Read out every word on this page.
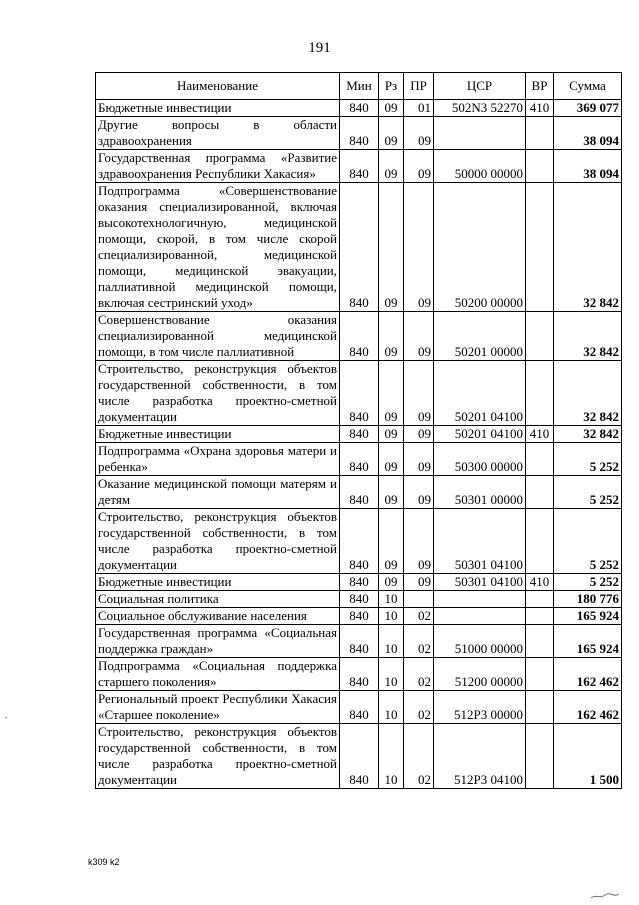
191
Наименование	Мин	Рз	ПР	ЦСР	ВР	Сумма
Бюджетные инвестиции	840	09	01	502N3 52270	410	369 077
Другие вопросы в области здравоохранения	840	09	09			38 094
Государственная программа «Развитие здравоохранения Республики Хакасия»	840	09	09	50000 00000		38 094
Подпрограмма «Совершенствование оказания специализированной, включая высокотехнологичную, медицинской помощи, скорой, в том числе скорой специализированной, медицинской помощи, медицинской эвакуации, паллиативной медицинской помощи, включая сестринский уход»	840	09	09	50200 00000		32 842
Совершенствование оказания специализированной медицинской помощи, в том числе паллиативной	840	09	09	50201 00000		32 842
Строительство, реконструкция объектов государственной собственности, в том числе разработка проектно-сметной документации	840	09	09	50201 04100		32 842
Бюджетные инвестиции	840	09	09	50201 04100	410	32 842
Подпрограмма «Охрана здоровья матери и ребенка»	840	09	09	50300 00000		5 252
Оказание медицинской помощи матерям и детям	840	09	09	50301 00000		5 252
Строительство, реконструкция объектов государственной собственности, в том числе разработка проектно-сметной документации	840	09	09	50301 04100		5 252
Бюджетные инвестиции	840	09	09	50301 04100	410	5 252
Социальная политика	840	10				180 776
Социальное обслуживание населения	840	10	02			165 924
Государственная программа «Социальная поддержка граждан»	840	10	02	51000 00000		165 924
Подпрограмма «Социальная поддержка старшего поколения»	840	10	02	51200 00000		162 462
Региональный проект Республики Хакасия «Старшее поколение»	840	10	02	512P3 00000		162 462
Строительство, реконструкция объектов государственной собственности, в том числе разработка проектно-сметной документации	840	10	02	512P3 04100		1 500
ˊ
k309 k2
